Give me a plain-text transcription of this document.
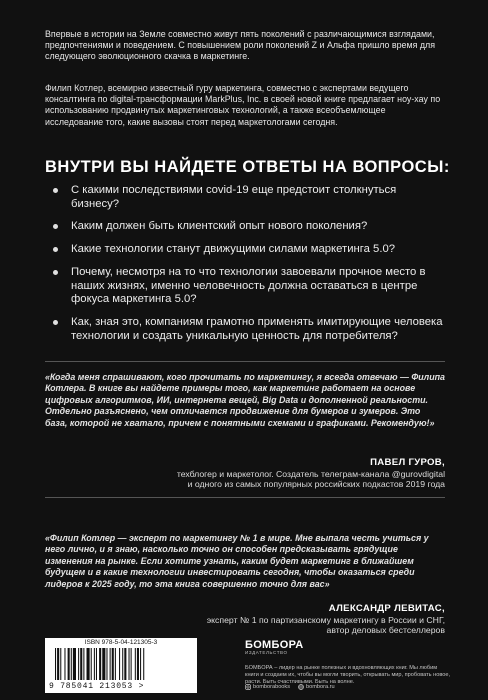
Впервые в истории на Земле совместно живут пять поколений с различающимися взглядами, предпочтениями и поведением. С повышением роли поколений Z и Альфа пришло время для следующего эволюционного скачка в маркетинге.

Филип Котлер, всемирно известный гуру маркетинга, совместно с экспертами ведущего консалтинга по digital-трансформации MarkPlus, Inc. в своей новой книге предлагает ноу-хау по использованию продвинутых маркетинговых технологий, а также всеобъемлющее исследование того, какие вызовы стоят перед маркетологами сегодня.

ВНУТРИ ВЫ НАЙДЕТЕ ОТВЕТЫ НА ВОПРОСЫ:
С какими последствиями covid-19 еще предстоит столкнуться бизнесу?
Каким должен быть клиентский опыт нового поколения?
Какие технологии станут движущими силами маркетинга 5.0?
Почему, несмотря на то что технологии завоевали прочное место в наших жизнях, именно человечность должна оставаться в центре фокуса маркетинга 5.0?
Как, зная это, компаниям грамотно применять имитирующие человека технологии и создать уникальную ценность для потребителя?

«Когда меня спрашивают, кого прочитать по маркетингу, я всегда отвечаю — Филипа Котлера. В книге вы найдете примеры того, как маркетинг работает на основе цифровых алгоритмов, ИИ, интернета вещей, Big Data и дополненной реальности. Отдельно разъяснено, чем отличается продвижение для бумеров и зумеров. Это база, которой не хватало, причем с понятными схемами и графиками. Рекомендую!»

ПАВЕЛ ГУРОВ,
техблогер и маркетолог. Создатель телеграм-канала @gurovdigital
и одного из самых популярных российских подкастов 2019 года

«Филип Котлер — эксперт по маркетингу № 1 в мире. Мне выпала честь учиться у него лично, и я знаю, насколько точно он способен предсказывать грядущие изменения на рынке. Если хотите узнать, каким будет маркетинг в ближайшем будущем и в какие технологии инвестировать сегодня, чтобы оказаться среди лидеров к 2025 году, то эта книга совершенно точно для вас»

АЛЕКСАНДР ЛЕВИТАС,
эксперт № 1 по партизанскому маркетингу в России и СНГ,
автор деловых бестселлеров
ISBN 978-5-04-121305-3
9 785041 213053 >
БОМБОРА
ИЗДАТЕЛЬСТВО
БОМБОРА – лидер на рынке полезных и вдохновляющих книг. Мы любим книги и создаем их, чтобы вы могли творить, открывать мир, пробовать новое, расти. Быть счастливыми. Быть на волне.
bomborabooks	bombora.ru
